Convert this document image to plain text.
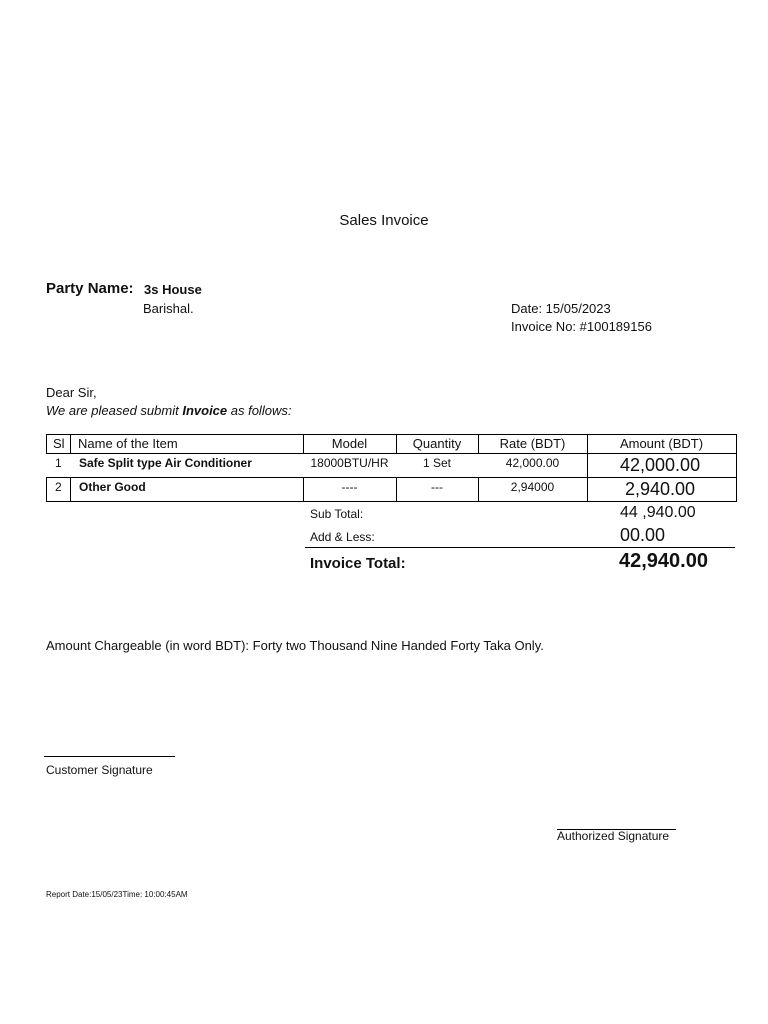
Sales Invoice
Party Name: 3s House
Barishal.	Date: 15/05/2023
Invoice No: #100189156
Dear Sir,
We are pleased submit Invoice as follows:
Sl Name of the Item	Model	Quantity	Rate (BDT)	Amount (BDT)
1 Safe Split type Air Conditioner	18000BTU/HR	1 Set	42,000.00	42,000.00
2 Other Good	----	---	2,94000	2,940.00
Sub Total:	44 ,940.00
Add & Less:	00.00
Invoice Total:	42,940.00
Amount Chargeable (in word BDT): Forty two Thousand Nine Handed Forty Taka Only.
Customer Signature
Authorized Signature
Report Date:15/05/23Time: 10:00:45AM
